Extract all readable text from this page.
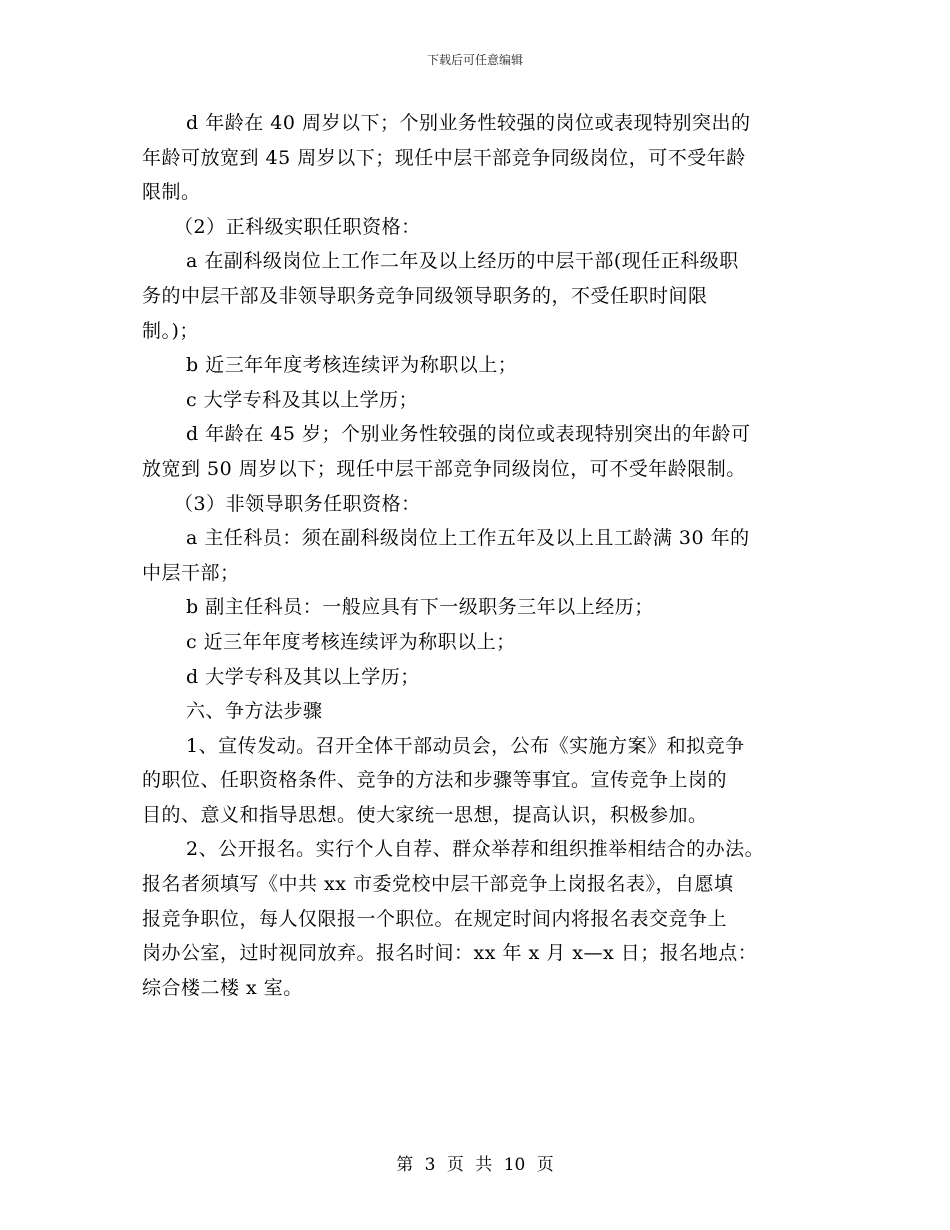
下载后可任意编辑
d 年龄在 40 周岁以下；个别业务性较强的岗位或表现特别突出的
年龄可放宽到 45 周岁以下；现任中层干部竞争同级岗位，可不受年龄
限制。
（2）正科级实职任职资格：
a 在副科级岗位上工作二年及以上经历的中层干部(现任正科级职
务的中层干部及非领导职务竞争同级领导职务的，不受任职时间限
制。)；
b 近三年年度考核连续评为称职以上；
c 大学专科及其以上学历；
d 年龄在 45 岁；个别业务性较强的岗位或表现特别突出的年龄可
放宽到 50 周岁以下；现任中层干部竞争同级岗位，可不受年龄限制。
（3）非领导职务任职资格：
a 主任科员：须在副科级岗位上工作五年及以上且工龄满 30 年的
中层干部；
b 副主任科员：一般应具有下一级职务三年以上经历；
c 近三年年度考核连续评为称职以上；
d 大学专科及其以上学历；
六、争方法步骤
1、宣传发动。召开全体干部动员会，公布《实施方案》和拟竞争
的职位、任职资格条件、竞争的方法和步骤等事宜。宣传竞争上岗的
目的、意义和指导思想。使大家统一思想，提高认识，积极参加。
2、公开报名。实行个人自荐、群众举荐和组织推举相结合的办法。
报名者须填写《中共 xx 市委党校中层干部竞争上岗报名表》，自愿填
报竞争职位，每人仅限报一个职位。在规定时间内将报名表交竞争上
岗办公室，过时视同放弃。报名时间：xx 年 x 月 x—x 日；报名地点：
综合楼二楼 x 室。
第 3 页 共 10 页
